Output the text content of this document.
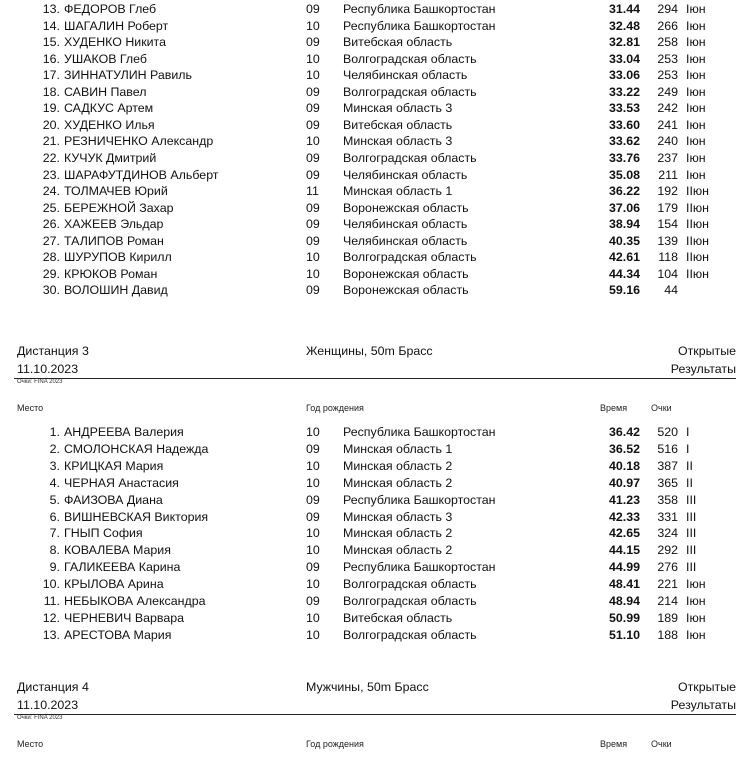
13. ФЕДОРОВ Глеб	09 Республика Башкортостан	31.44	294 Iюн
14. ШАГАЛИН Роберт	10 Республика Башкортостан	32.48	266 Iюн
15. ХУДЕНКО Никита	09 Витебская область	32.81	258 Iюн
16. УШАКОВ Глеб	10 Волгоградская область	33.04	253 Iюн
17. ЗИННАТУЛИН Равиль	10 Челябинская область	33.06	253 Iюн
18. САВИН Павел	09 Волгоградская область	33.22	249 Iюн
19. САДКУС Артем	09 Минская область 3	33.53	242 Iюн
20. ХУДЕНКО Илья	09 Витебская область	33.60	241 Iюн
21. РЕЗНИЧЕНКО Александр	10 Минская область 3	33.62	240 Iюн
22. КУЧУК Дмитрий	09 Волгоградская область	33.76	237 Iюн
23. ШАРАФУТДИНОВ Альберт	09 Челябинская область	35.08	211 Iюн
24. ТОЛМАЧЕВ Юрий	11 Минская область 1	36.22	192 IIюн
25. БЕРЕЖНОЙ Захар	09 Воронежская область	37.06	179 IIюн
26. ХАЖЕЕВ Эльдар	09 Челябинская область	38.94	154 IIюн
27. ТАЛИПОВ Роман	09 Челябинская область	40.35	139 IIюн
28. ШУРУПОВ Кирилл	10 Волгоградская область	42.61	118 IIюн
29. КРЮКОВ Роман	10 Воронежская область	44.34	104 IIюн
30. ВОЛОШИН Давид	09 Воронежская область	59.16	44
Дистанция 3	Женщины, 50m Брасс	Открытые
11.10.2023	Результаты
Очки: FINA 2023
Место	Год рождения	Время	Очки
1. АНДРЕЕВА Валерия	10 Республика Башкортостан	36.42	520 I
2. СМОЛОНСКАЯ Надежда	09 Минская область 1	36.52	516 I
3. КРИЦКАЯ Мария	10 Минская область 2	40.18	387 II
4. ЧЕРНАЯ Анастасия	10 Минская область 2	40.97	365 II
5. ФАИЗОВА Диана	09 Республика Башкортостан	41.23	358 III
6. ВИШНЕВСКАЯ Виктория	09 Минская область 3	42.33	331 III
7. ГНЫП София	10 Минская область 2	42.65	324 III
8. КОВАЛЕВА Мария	10 Минская область 2	44.15	292 III
9. ГАЛИКЕЕВА Карина	09 Республика Башкортостан	44.99	276 III
10. КРЫЛОВА Арина	10 Волгоградская область	48.41	221 Iюн
11. НЕБЫКОВА Александра	09 Волгоградская область	48.94	214 Iюн
12. ЧЕРНЕВИЧ Варвара	10 Витебская область	50.99	189 Iюн
13. АРЕСТОВА Мария	10 Волгоградская область	51.10	188 Iюн
Дистанция 4	Мужчины, 50m Брасс	Открытые
11.10.2023	Результаты
Очки: FINA 2023
Место	Год рождения	Время	Очки
